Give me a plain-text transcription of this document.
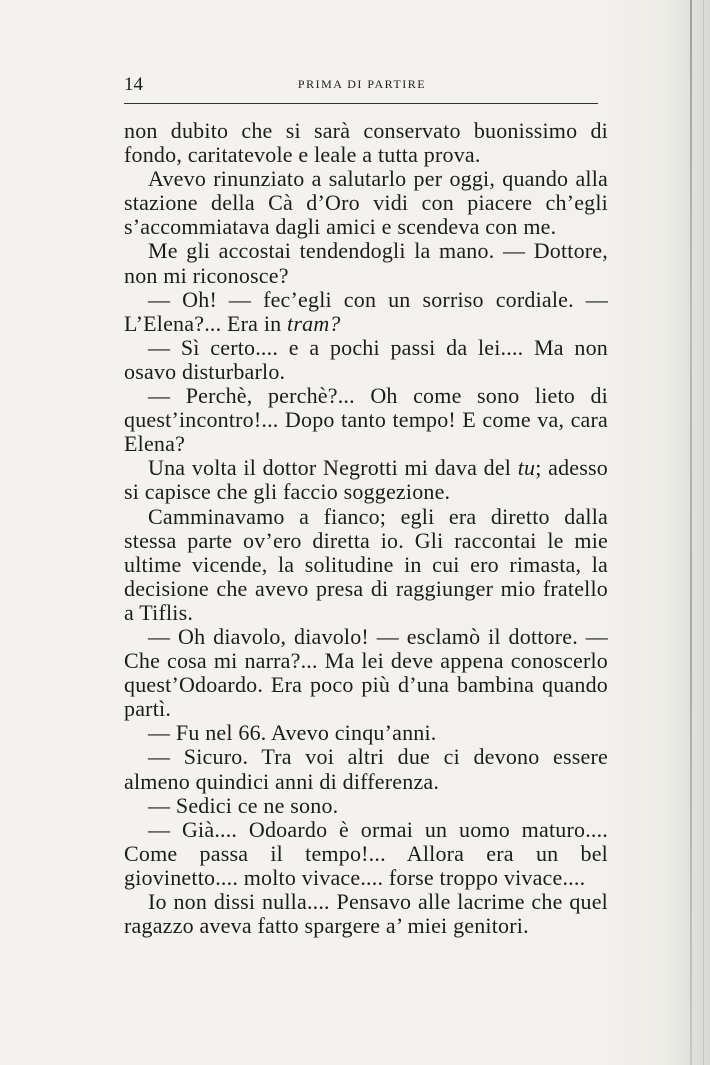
14	PRIMA DI PARTIRE

non dubito che si sarà conservato buonissimo di fondo, caritatevole e leale a tutta prova.

Avevo rinunziato a salutarlo per oggi, quando alla stazione della Cà d’Oro vidi con piacere ch’egli s’accommiatava dagli amici e scendeva con me.

Me gli accostai tendendogli la mano. — Dottore, non mi riconosce?

— Oh! — fec’egli con un sorriso cordiale. — L’Elena?... Era in tram?

— Sì certo.... e a pochi passi da lei.... Ma non osavo disturbarlo.

— Perchè, perchè?... Oh come sono lieto di quest’incontro!... Dopo tanto tempo! E come va, cara Elena?

Una volta il dottor Negrotti mi dava del tu; adesso si capisce che gli faccio soggezione.

Camminavamo a fianco; egli era diretto dalla stessa parte ov’ero diretta io. Gli raccontai le mie ultime vicende, la solitudine in cui ero rimasta, la decisione che avevo presa di raggiunger mio fratello a Tiflis.

— Oh diavolo, diavolo! — esclamò il dottore. — Che cosa mi narra?... Ma lei deve appena conoscerlo quest’Odoardo. Era poco più d’una bambina quando partì.

— Fu nel 66. Avevo cinqu’anni.

— Sicuro. Tra voi altri due ci devono essere almeno quindici anni di differenza.

— Sedici ce ne sono.

— Già.... Odoardo è ormai un uomo maturo.... Come passa il tempo!... Allora era un bel giovinetto.... molto vivace.... forse troppo vivace....

Io non dissi nulla.... Pensavo alle lacrime che quel ragazzo aveva fatto spargere a’ miei genitori.
